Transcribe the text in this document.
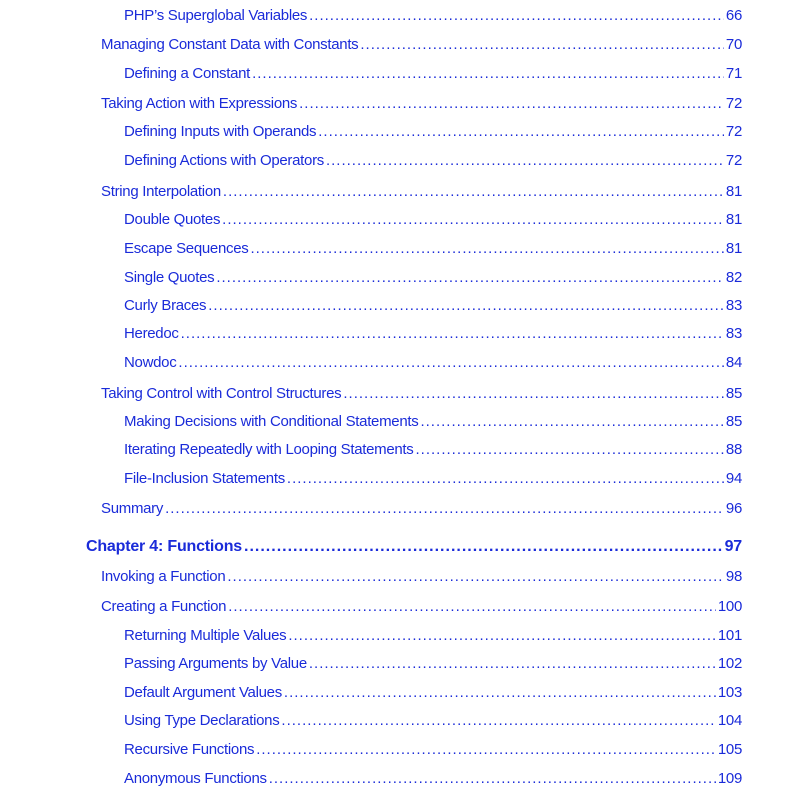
PHP’s Superglobal Variables .....	66
Managing Constant Data with Constants .....	70
Defining a Constant .....	71
Taking Action with Expressions .....	72
Defining Inputs with Operands .....	72
Defining Actions with Operators .....	72
String Interpolation .....	81
Double Quotes .....	81
Escape Sequences .....	81
Single Quotes .....	82
Curly Braces .....	83
Heredoc .....	83
Nowdoc .....	84
Taking Control with Control Structures .....	85
Making Decisions with Conditional Statements .....	85
Iterating Repeatedly with Looping Statements .....	88
File-Inclusion Statements .....	94
Summary .....	96
Chapter 4: Functions .....	97
Invoking a Function .....	98
Creating a Function .....	100
Returning Multiple Values .....	101
Passing Arguments by Value .....	102
Default Argument Values .....	103
Using Type Declarations .....	104
Recursive Functions .....	105
Anonymous Functions .....	109
